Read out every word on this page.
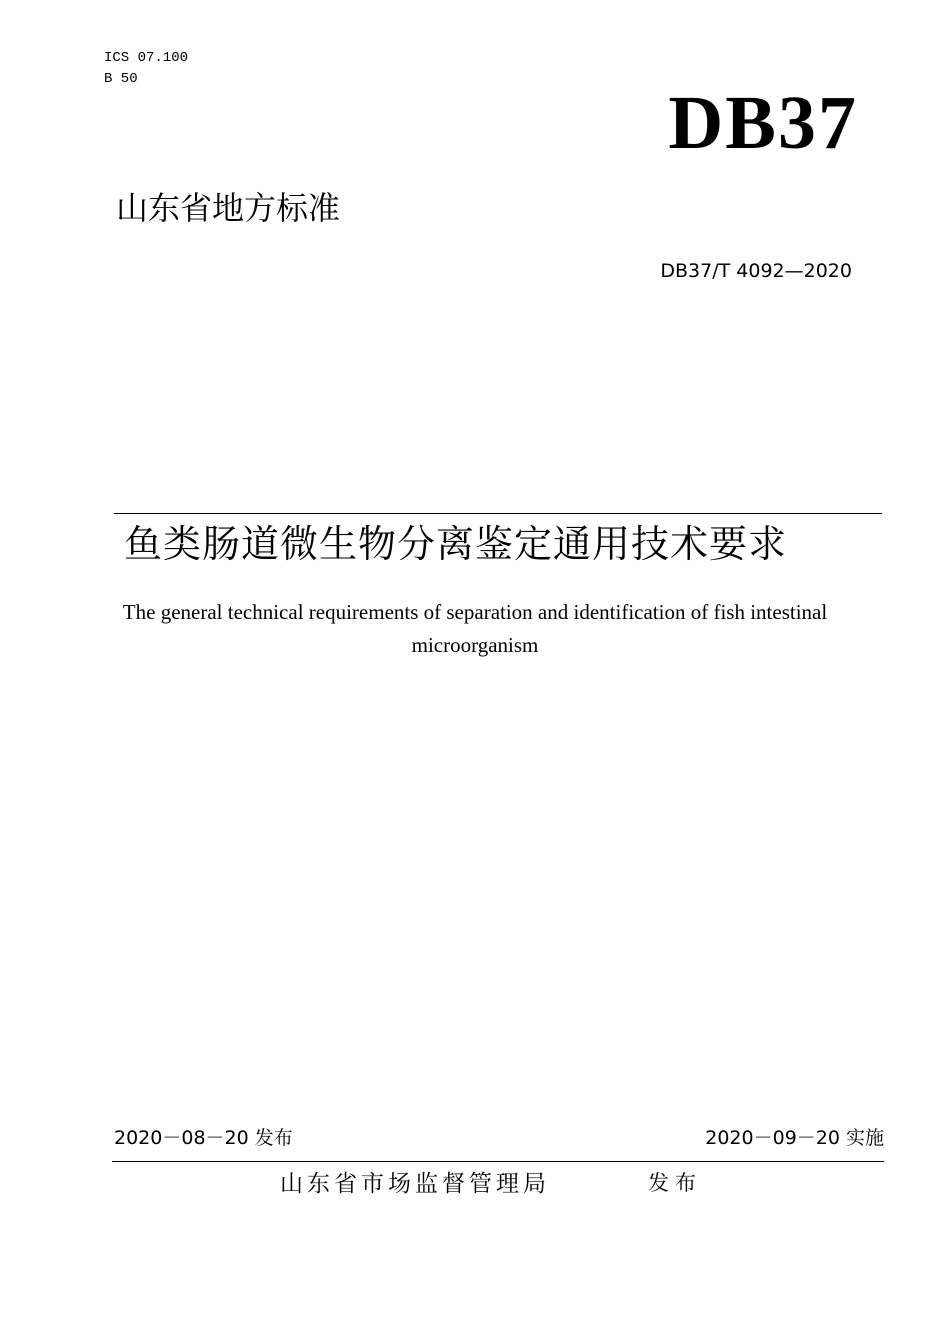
ICS 07.100
B 50
DB37
山东省地方标准
DB37/T 4092—2020
鱼类肠道微生物分离鉴定通用技术要求
The general technical requirements of separation and identification of fish intestinal microorganism
2020－08－20 发布	2020－09－20 实施
山东省市场监督管理局	发布
